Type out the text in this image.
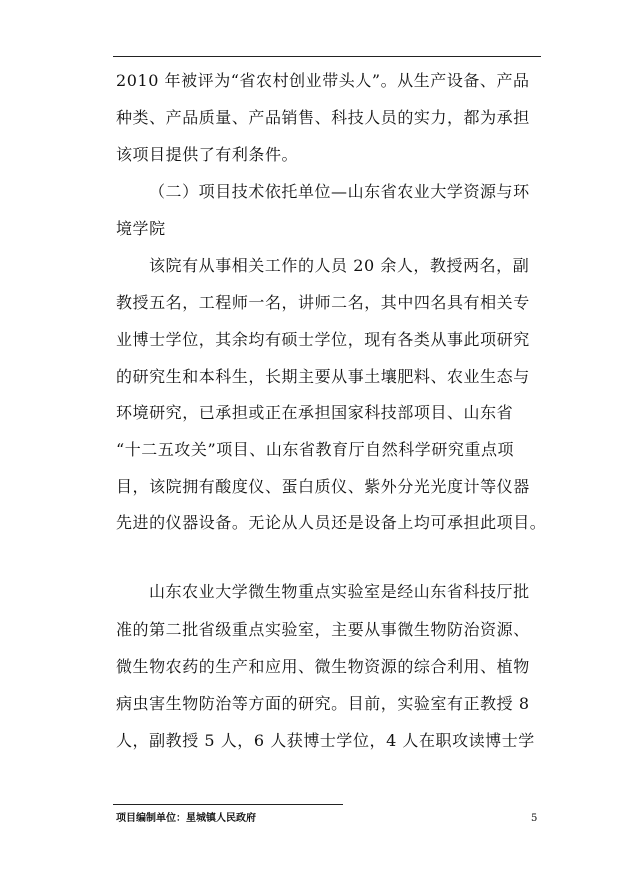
2010 年被评为“省农村创业带头人”。从生产设备、产品
种类、产品质量、产品销售、科技人员的实力，都为承担
该项目提供了有利条件。
（二）项目技术依托单位—山东省农业大学资源与环
境学院
该院有从事相关工作的人员 20 余人，教授两名，副
教授五名，工程师一名，讲师二名，其中四名具有相关专
业博士学位，其余均有硕士学位，现有各类从事此项研究
的研究生和本科生，长期主要从事土壤肥料、农业生态与
环境研究，已承担或正在承担国家科技部项目、山东省
“十二五攻关”项目、山东省教育厅自然科学研究重点项
目，该院拥有酸度仪、蛋白质仪、紫外分光光度计等仪器
先进的仪器设备。无论从人员还是设备上均可承担此项目。
山东农业大学微生物重点实验室是经山东省科技厅批
准的第二批省级重点实验室，主要从事微生物防治资源、
微生物农药的生产和应用、微生物资源的综合利用、植物
病虫害生物防治等方面的研究。目前，实验室有正教授 8
人，副教授 5 人，6 人获博士学位，4 人在职攻读博士学
项目编制单位：星城镇人民政府	5
